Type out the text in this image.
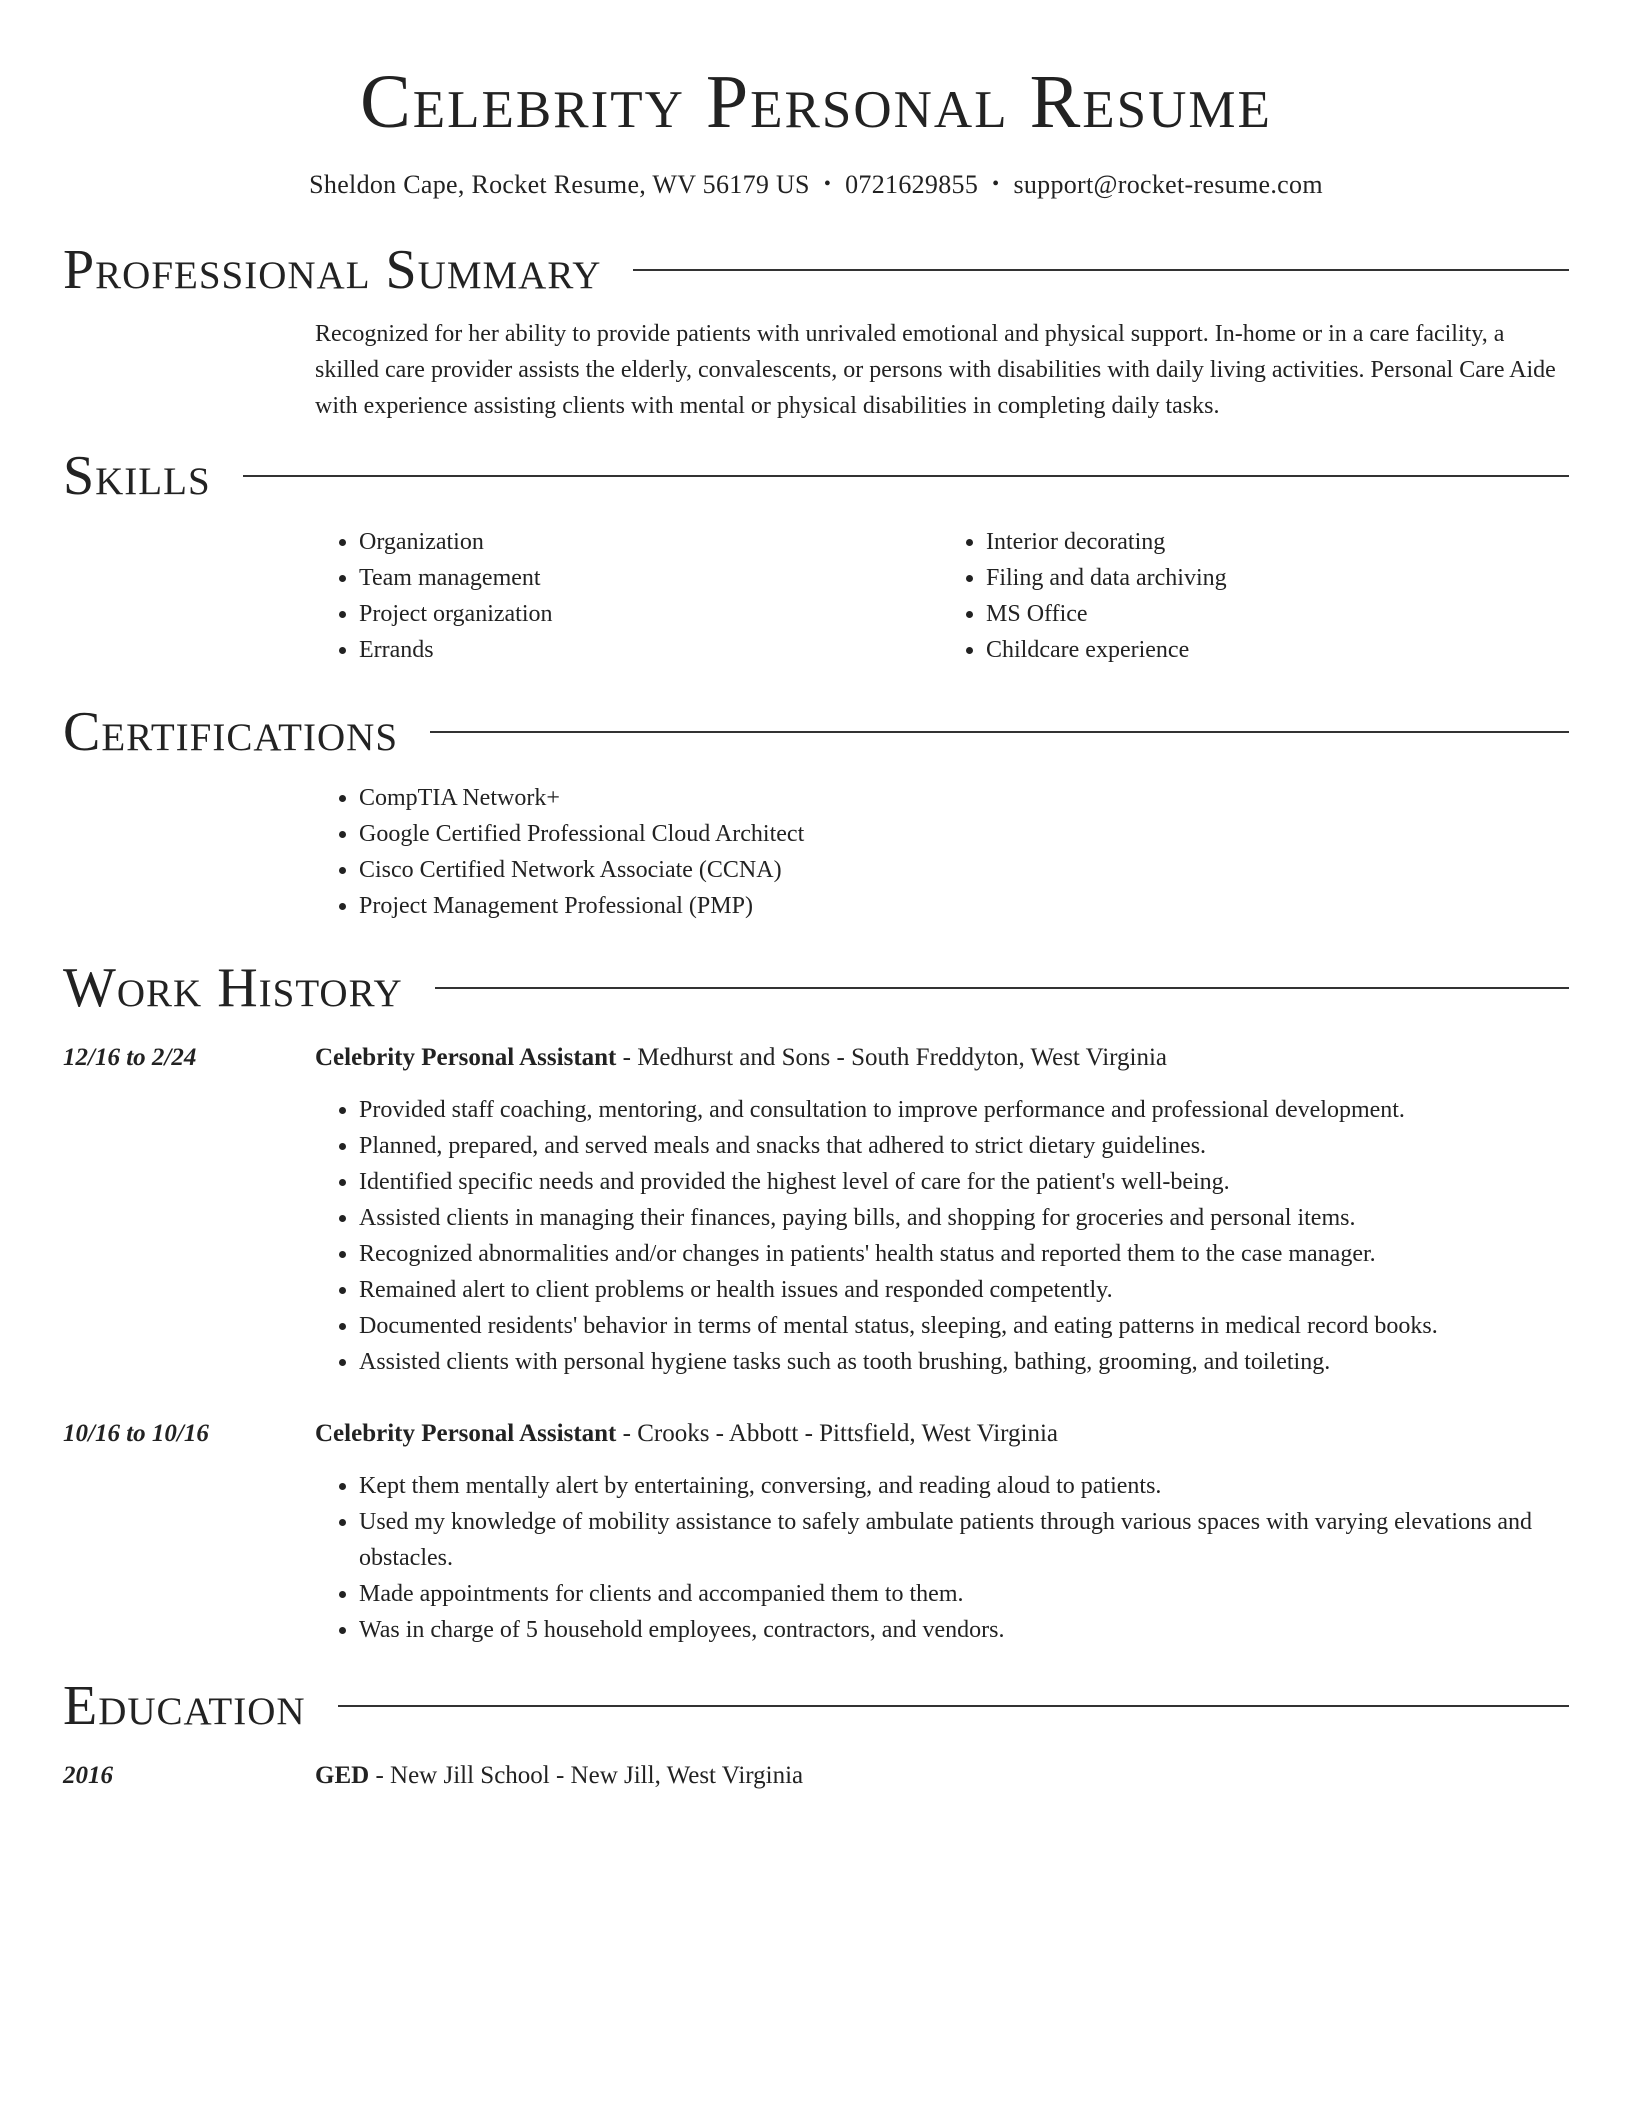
Celebrity Personal Resume
Sheldon Cape, Rocket Resume, WV 56179 US • 0721629855 • support@rocket-resume.com
Professional Summary

Recognized for her ability to provide patients with unrivaled emotional and physical support. In-home or in a care facility, a skilled care provider assists the elderly, convalescents, or persons with disabilities with daily living activities. Personal Care Aide with experience assisting clients with mental or physical disabilities in completing daily tasks.

Skills
• Organization
• Team management
• Project organization
• Errands
• Interior decorating
• Filing and data archiving
• MS Office
• Childcare experience
Certifications
• CompTIA Network+
• Google Certified Professional Cloud Architect
• Cisco Certified Network Associate (CCNA)
• Project Management Professional (PMP)
Work History
12/16 to 2/24	Celebrity Personal Assistant - Medhurst and Sons - South Freddyton, West Virginia
• Provided staff coaching, mentoring, and consultation to improve performance and professional development.
• Planned, prepared, and served meals and snacks that adhered to strict dietary guidelines.
• Identified specific needs and provided the highest level of care for the patient's well-being.
• Assisted clients in managing their finances, paying bills, and shopping for groceries and personal items.
• Recognized abnormalities and/or changes in patients' health status and reported them to the case manager.
• Remained alert to client problems or health issues and responded competently.
• Documented residents' behavior in terms of mental status, sleeping, and eating patterns in medical record books.
• Assisted clients with personal hygiene tasks such as tooth brushing, bathing, grooming, and toileting.
10/16 to 10/16	Celebrity Personal Assistant - Crooks - Abbott - Pittsfield, West Virginia
• Kept them mentally alert by entertaining, conversing, and reading aloud to patients.
• Used my knowledge of mobility assistance to safely ambulate patients through various spaces with varying elevations and obstacles.
• Made appointments for clients and accompanied them to them.
• Was in charge of 5 household employees, contractors, and vendors.
Education
2016	GED - New Jill School - New Jill, West Virginia
